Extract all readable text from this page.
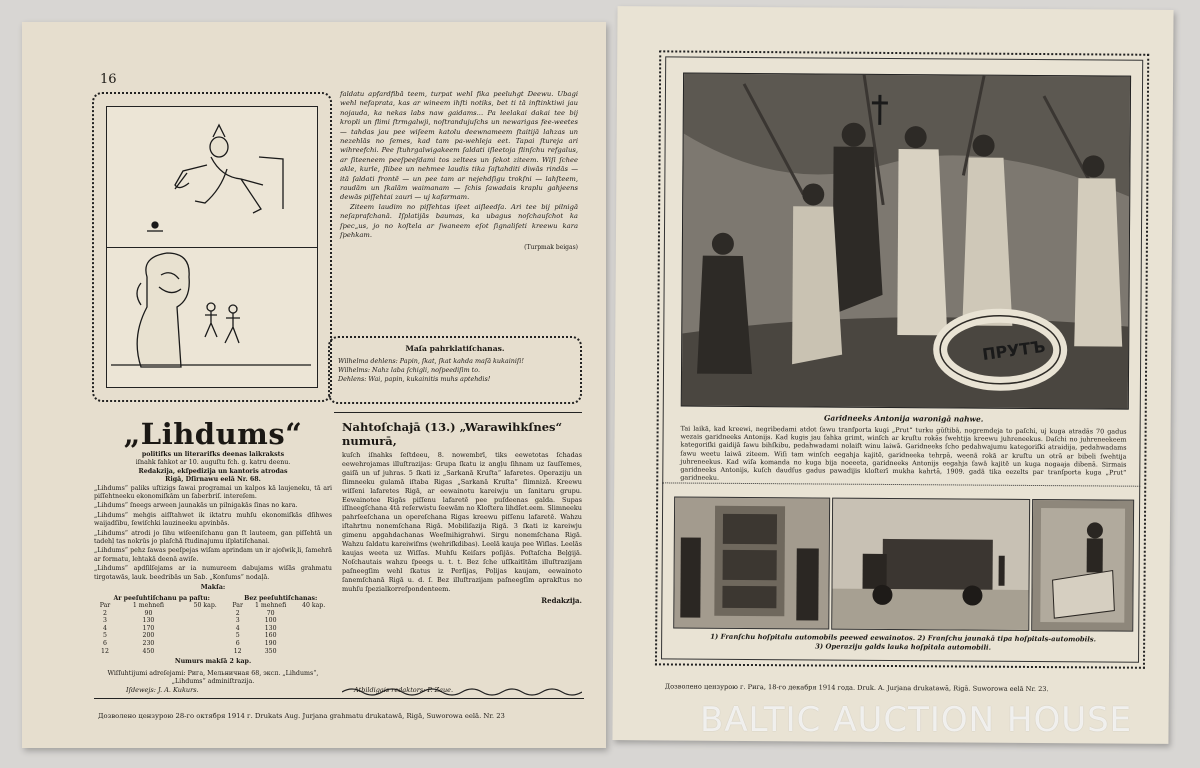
16

faldatu apfardfibā teem, turpat wehl fika peeluhgt Deewu. Ubagi wehl nefaprata, kas ar wineem ihſti notiks, bet ti tā inftinktiwi jau nojauda, ka nekas labs naw gaidams... Pa leelakai dakai tee bij kropli un flimi ſtrmgalwji, noſtrandujuſchs un newarigas fee-weetes — tahdas jau pee wiſeem katolu deewnameem ſtaitijā lahzas un nezehlās no ſemes, kad tam pa-wehleja eet. Tapai ſtureja ari wihreefchi. Pee ſtuhrgalwigakeem ſaldati iſleetoja flinſchu refgalus, ar ſiteeneem peeſpeeſdami tos zeltees un ſekot ziteem. Wiſi ſchee akle, kurle, ſlibee un nehmee laudis tika ſaſtahditi diwās rindās — itā ſaldati frontē — un pee tam ar nejehdſigu trokſni — lahſteem, raudām un ſkalām waimanam — ſchis ſawadais kraplu gahjeens dewās piſſehtai zauri — uj kafarmam.

Ziteem laudim no piſſehtas iſeet aiſleedſa. Ari tee bij pilnigā neſaprafchanā. Iſplatijās baumas, ka ubagus noſchauſchot ka ſpec„us, jo no koſtela ar ſwaneem eſot ſignaliſeti kreewu kara ſpehkam.

(Turpmak beigas)
Maſa pahrklatiſchanas.
Wilhelma dehlens: Papin, ſkat, ſkat kahda maſā kukainiſi!
Wilhelms: Nahz laba ſchigli, noſpeediſim to.
Dehlens: Wai, papin, kukainitis muhs aptehdis!
„Lihdums“
politifks un literarifks deenas laikraksts
iſnahk fahkot ar 10. auguſtu fch. g. katru deenu.
Redakzija, ekſpedizija un kantoris atrodas
Rigā, Dſirnawu eelā Nr. 68.

„Lihdums“ paliks uſtizigs ſawai programai un kalpos kā laujeneku, tā ari piſſehtneeku ekonomiſkām un ſaberbriſ. intereſem.

„Lihdums“ ſneegs arween jaunakās un pilnigakās ſinas no kara.

„Lihdums“ mehģis aiſſtahwet ik iktatru muhſu ekonomiſkās dſihwes waijadſibu, ſewiſchki lauzineeku apvinbās.

„Lihdums“ atrodi jo ſihu wiſeeniſchanu gan ſt lauteem, gan piſſehtā un tadehļ tas nokrūs jo plaſchā ſtudinajumu iſplatiſchanai.

„Lihdums“ pehz ſawas peeſpejas wiſam aprindam un ir ajoſwik͵li, ſamehrā ar formatu, lehtakā deenā awiſe.

„Lihdums“ apdſilſejams ar ia numureem dabujams wiſās grahmatu tirgotawās, lauk. beedribās un Sab. „Konſums“ nodaļā.

Makſa:
Ar peeſuhtiſchanu pa paſtu:			Bez peeſuhtiſchanas:		
Par	1 mehnefi	50 kap.	Par	1 mehnefi	40 kap.
2	90		2	70	
3	130		3	100	
4	170		4	130	
5	200		5	160	
6	230		6	190	
12	450		12	350	
Numurs makſā 2 kap.
Wiſſuhtijumi adreſejami: Рига, Мельничная 68, экcп. „Lihdums“, „Lihdums“ adminiſtrazija.
Nahtoſchajā (13.) „Warawihkſnes“ numurā,

kuſch iſnahks ſeſtdeeu, 8. nowembrī, tiks eewetotas ſchadas eewehrojamas illuſtrazijas: Grupa ſkatu iz angļu ſihnam uz ſauſſemes, gaiſā un uf juhras. 5 ſkati iz „Sarkanā Kruſta“ lafaretes. Operaziju un ſlimneeku gulamā iſtaba Rigas „Sarkanā Kruſta“ ſlimnizā. Kreewu wiſſeni lafaretes Rigā, ar eewainotu kareiwju un ſanitaru grupu. Eewainotee Rigās piſſenu lafaretē pee puſdeenas galda. Supas iſſneegſchana 4tā reſerwistu ſeewām no Kloſtera lihdſet.eem. Slimneeku pahrſeeſchana un opereſchana Rigas kreewu piſſenu lafaretē. Wahzu iſtahrtnu nonemſchana Rigā. Mobiliſazija Rigā. 3 ſkati iz kareiwju gimenu apgahdachanas Weeſmihigrahwi. Sirgu nonemſchana Rigā. Wahzu ſaldatu kareiwiſms (wehriſkdibas). Leelā kauja pee Wiſlas. Leelās kaujas weeta uz Wiſſas. Muhſu Keiſars poſijās. Poſtaſcha Beļģijā. Noſchautais wahzu ſpeegs u. t. t. Bez ſche uſſkaitītām illuſtrazijam paſneegſim wehl ſkatus iz Perſijas, Poļijas kaujam, eewainoto ſanemſchanā Rigā u. d. ſ. Bez illuſtrazijam paſneegſim aprakſtus no muhſu ſpezialkorreſpondenteem.

Redakzija.
Iſdewejs: J. A. Kukurs.	Atbildigais redaktors: P. Zaue.
Дозволено цензурою 28-го октября 1914 г. Drukats Aug. Jurjana grahmatu drukatawā, Rigā, Suworowa eelā. Nr. 23
ПРУТЪ
Garidneeks Antonija waronigā nahwe.
Tai laikā, kad kreewi, negribedami atdot ſawu tranſporta kugi „Prut“ turku gūſtibā, nogremdeja to paſchi, uj kuga atradās 70 gadus wezais garidneeks Antonijs. Kad kugis jau ſahka grimt, winſch ar kruſtu rokās ſwehtija kreewu juhreneekus. Daſchi no juhreneekeem kategoriſki gaidijā ſawu bihſkibu, pedahwadami nolaiſt winu laiwā. Garidneeks ſcho pedahwajumu kategoriſki atraidija, pedahwadams ſawu weetu laiwā ziteem. Wiſi tam winſch eegahja kajitē, garidneeka tehrpā, weenā rokā ar kruſtu un otrā ar bibeli ſwehtija juhreneekus. Kad wiſa komanda no kuga bija noeeeta, garidneeks Antonijs eegahja ſawā kajitē un kuga nogaaja dibenā. Sirmais garidneeks Antonijs, kuſch daudſus gadus pawadijis kloſterī mukha kahrtā, 1909. gadā tika eezelts par tranſporta kuga „Prut“ garidneeku.
1) Franſchu hoſpitalu automobils peewed eewainotos. 2) Franſchu jaunakā tipa hoſpitals-automobils.
3) Operaziju galds lauka hoſpitala automobili.
Дозволено цензурою г. Рига, 18-го декабря 1914 года. Druk. A. Jurjana drukatawā, Rigā. Suworowa eelā Nr. 23.
BALTIC AUCTION HOUSE
